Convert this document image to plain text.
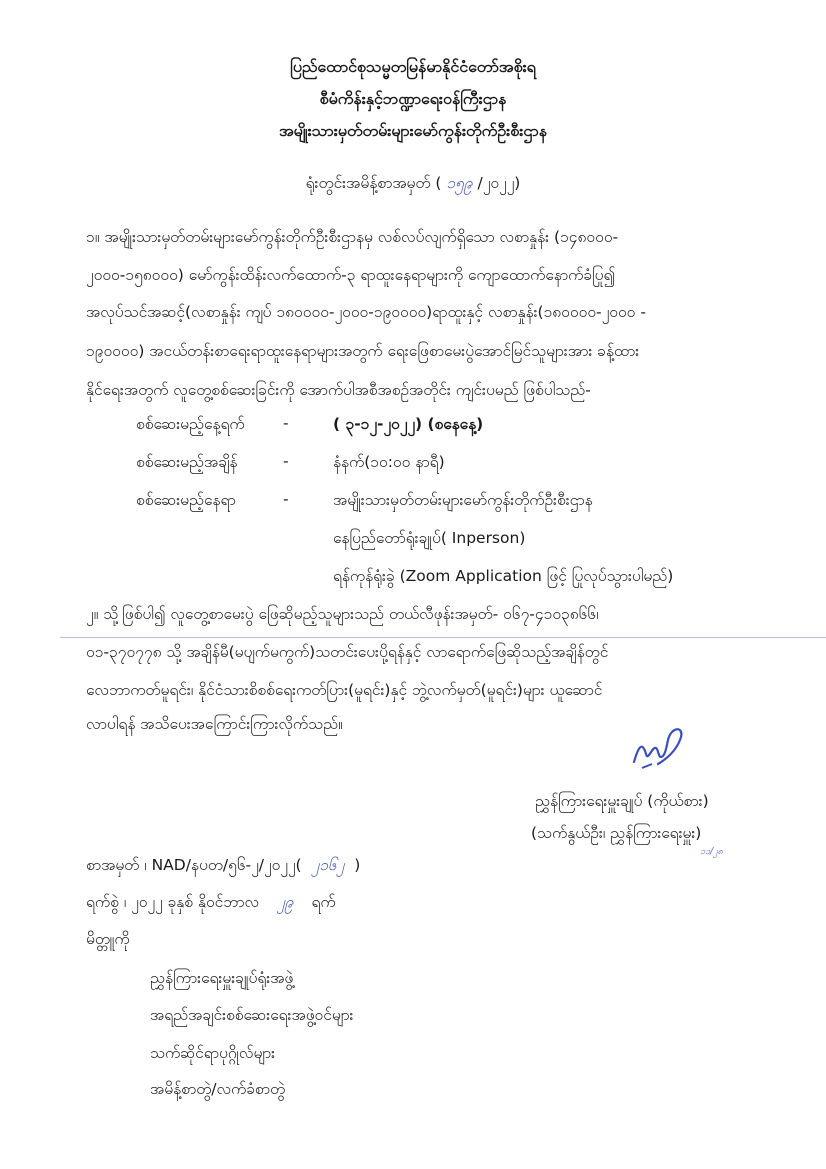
ပြည်ထောင်စုသမ္မတမြန်မာနိုင်ငံတော်အစိုးရ
စီမံကိန်းနှင့်ဘဏ္ဍာရေးဝန်ကြီးဌာန
အမျိုးသားမှတ်တမ်းများမော်ကွန်းတိုက်ဦးစီးဌာန
ရုံးတွင်းအမိန့်စာအမှတ် ( ၁၅၉ /၂၀၂၂)
၁။ အမျိုးသားမှတ်တမ်းများမော်ကွန်းတိုက်ဦးစီးဌာနမှ လစ်လပ်လျက်ရှိသော လစာနှုန်း (၁၄၈၀၀၀-
၂၀၀၀-၁၅၈၀၀၀) မော်ကွန်းထိန်းလက်ထောက်-၃ ရာထူးနေရာများကို ကျောထောက်နောက်ခံပြု၍
အလုပ်သင်အဆင့်(လစာနှုန်း ကျပ် ၁၈၀၀၀၀-၂၀၀၀-၁၉၀၀၀၀)ရာထူးနှင့် လစာနှုန်း(၁၈၀၀၀၀-၂၀၀၀ -
၁၉၀၀၀၀) အငယ်တန်းစာရေးရာထူးနေရာများအတွက် ရေးဖြေစာမေးပွဲအောင်မြင်သူများအား ခန့်ထား
နိုင်ရေးအတွက် လူတွေ့စစ်ဆေးခြင်းကို အောက်ပါအစီအစဉ်အတိုင်း ကျင်းပမည် ဖြစ်ပါသည်-
စစ်ဆေးမည့်နေ့ရက် -	( ၃-၁၂-၂၀၂၂) (စနေနေ့)
စစ်ဆေးမည့်အချိန်	-	နံနက်(၁၀:၀၀ နာရီ)
စစ်ဆေးမည့်နေရာ	-	အမျိုးသားမှတ်တမ်းများမော်ကွန်းတိုက်ဦးစီးဌာန
နေပြည်တော်ရုံးချုပ်( Inperson)
ရန်ကုန်ရုံးခွဲ (Zoom Application ဖြင့် ပြုလုပ်သွားပါမည်)
၂။ သို့ဖြစ်ပါ၍ လူတွေ့စာမေးပွဲ ဖြေဆိုမည့်သူများသည် တယ်လီဖုန်းအမှတ်- ၀၆၇-၄၁၀၃၈၆၆၊
၀၁-၃၇၀၇၇၈ သို့ အချိန်မီ(မပျက်မကွက်)သတင်းပေးပို့ရန်နှင့် လာရောက်ဖြေဆိုသည့်အချိန်တွင်
လေဘာကတ်မူရင်း၊ နိုင်ငံသားစိစစ်ရေးကတ်ပြား(မူရင်း)နှင့် ဘွဲ့လက်မှတ်(မူရင်း)များ ယူဆောင်
လာပါရန် အသိပေးအကြောင်းကြားလိုက်သည်။
ညွှန်ကြားရေးမှူးချုပ် (ကိုယ်စား)
(သက်နွယ်ဦး၊ ညွှန်ကြားရေးမှူး)
၁၁/၂၈
စာအမှတ် ၊ NAD/နပတ/၅၆-၂/၂၀၂၂( ၂၁၆၂ )
ရက်စွဲ ၊ ၂၀၂၂ ခုနှစ် နိုဝင်ဘာလ ၂၉ ရက်
မိတ္တူကို
ညွှန်ကြားရေးမှူးချုပ်ရုံးအဖွဲ့
အရည်အချင်းစစ်ဆေးရေးအဖွဲ့ဝင်များ
သက်ဆိုင်ရာပုဂ္ဂိုလ်များ
အမိန့်စာတွဲ/လက်ခံစာတွဲ
